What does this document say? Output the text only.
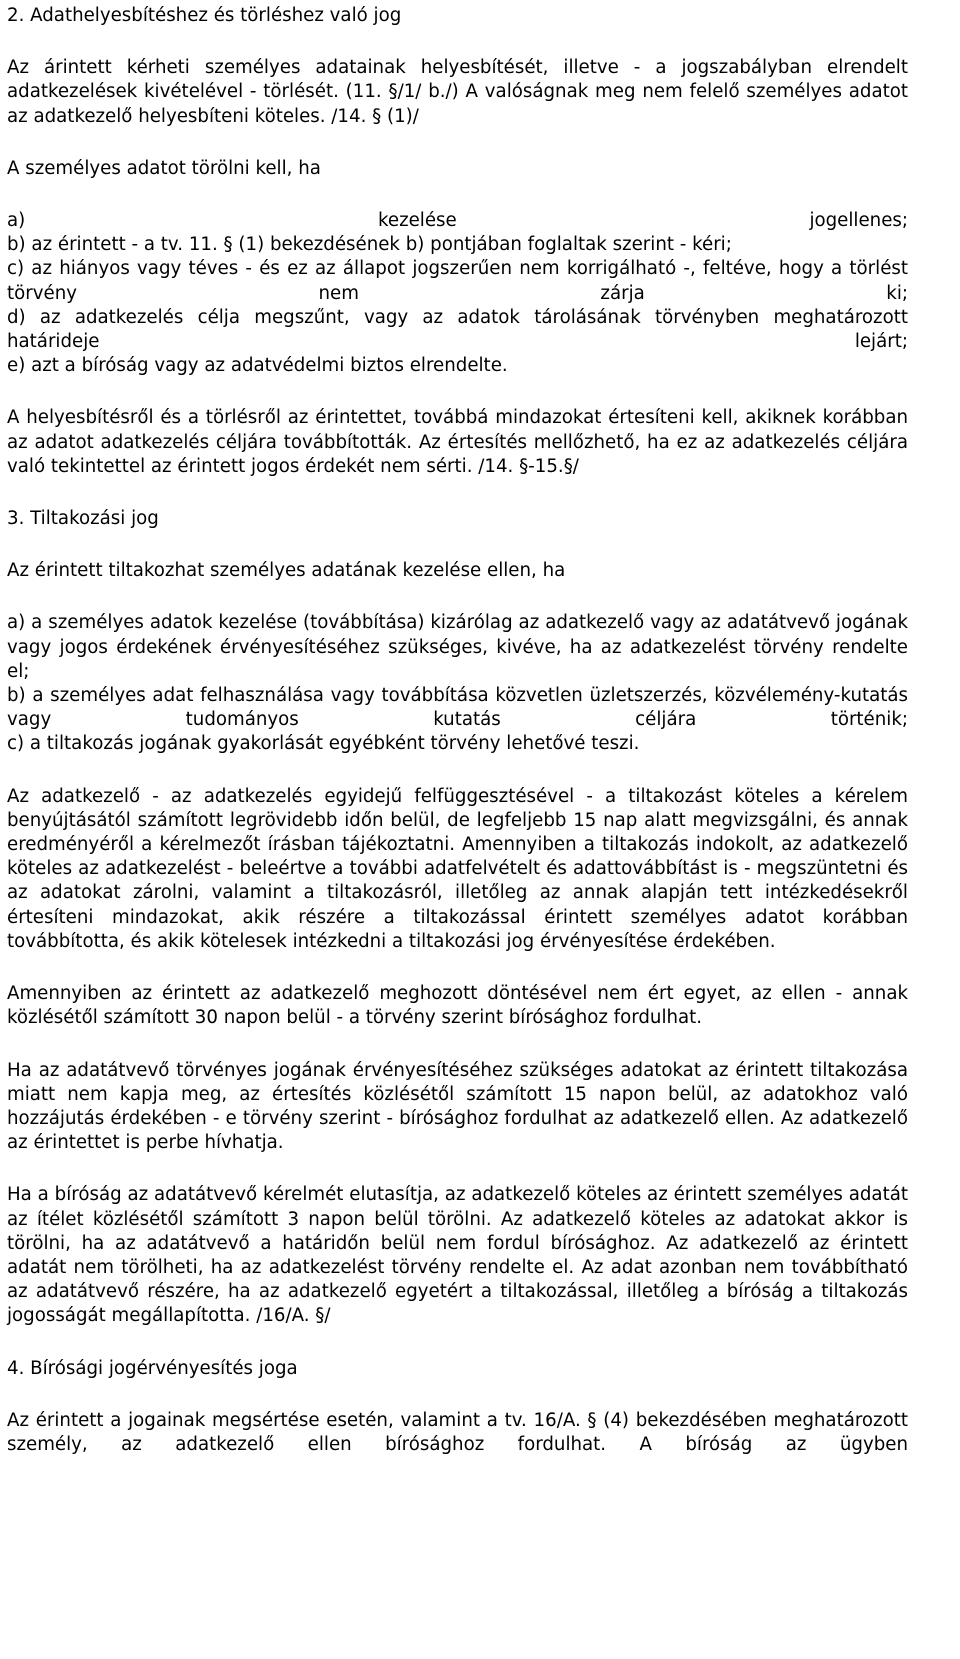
2. Adathelyesbítéshez és törléshez való jog
Az árintett kérheti személyes adatainak helyesbítését, illetve - a jogszabályban elrendelt adatkezelések kivételével - törlését. (11. §/1/ b./) A valóságnak meg nem felelő személyes adatot az adatkezelő helyesbíteni köteles. /14. § (1)/
A személyes adatot törölni kell, ha
a) kezelése jogellenes;
b) az érintett - a tv. 11. § (1) bekezdésének b) pontjában foglaltak szerint - kéri;
c) az hiányos vagy téves - és ez az állapot jogszerűen nem korrigálható -, feltéve, hogy a törlést törvény nem zárja ki;
d) az adatkezelés célja megszűnt, vagy az adatok tárolásának törvényben meghatározott határideje lejárt;
e) azt a bíróság vagy az adatvédelmi biztos elrendelte.
A helyesbítésről és a törlésről az érintettet, továbbá mindazokat értesíteni kell, akiknek korábban az adatot adatkezelés céljára továbbították. Az értesítés mellőzhető, ha ez az adatkezelés céljára való tekintettel az érintett jogos érdekét nem sérti. /14. §-15.§/
3. Tiltakozási jog
Az érintett tiltakozhat személyes adatának kezelése ellen, ha
a) a személyes adatok kezelése (továbbítása) kizárólag az adatkezelő vagy az adatátvevő jogának vagy jogos érdekének érvényesítéséhez szükséges, kivéve, ha az adatkezelést törvény rendelte el;
b) a személyes adat felhasználása vagy továbbítása közvetlen üzletszerzés, közvélemény-kutatás vagy tudományos kutatás céljára történik;
c) a tiltakozás jogának gyakorlását egyébként törvény lehetővé teszi.
Az adatkezelő - az adatkezelés egyidejű felfüggesztésével - a tiltakozást köteles a kérelem benyújtásától számított legrövidebb időn belül, de legfeljebb 15 nap alatt megvizsgálni, és annak eredményéről a kérelmezőt írásban tájékoztatni. Amennyiben a tiltakozás indokolt, az adatkezelő köteles az adatkezelést - beleértve a további adatfelvételt és adattovábbítást is - megszüntetni és az adatokat zárolni, valamint a tiltakozásról, illetőleg az annak alapján tett intézkedésekről értesíteni mindazokat, akik részére a tiltakozással érintett személyes adatot korábban továbbította, és akik kötelesek intézkedni a tiltakozási jog érvényesítése érdekében.
Amennyiben az érintett az adatkezelő meghozott döntésével nem ért egyet, az ellen - annak közlésétől számított 30 napon belül - a törvény szerint bírósághoz fordulhat.
Ha az adatátvevő törvényes jogának érvényesítéséhez szükséges adatokat az érintett tiltakozása miatt nem kapja meg, az értesítés közlésétől számított 15 napon belül, az adatokhoz való hozzájutás érdekében - e törvény szerint - bírósághoz fordulhat az adatkezelő ellen. Az adatkezelő az érintettet is perbe hívhatja.
Ha a bíróság az adatátvevő kérelmét elutasítja, az adatkezelő köteles az érintett személyes adatát az ítélet közlésétől számított 3 napon belül törölni. Az adatkezelő köteles az adatokat akkor is törölni, ha az adatátvevő a határidőn belül nem fordul bírósághoz. Az adatkezelő az érintett adatát nem törölheti, ha az adatkezelést törvény rendelte el. Az adat azonban nem továbbítható az adatátvevő részére, ha az adatkezelő egyetért a tiltakozással, illetőleg a bíróság a tiltakozás jogosságát megállapította. /16/A. §/
4. Bírósági jogérvényesítés joga
Az érintett a jogainak megsértése esetén, valamint a tv. 16/A. § (4) bekezdésében meghatározott személy, az adatkezelő ellen bírósághoz fordulhat. A bíróság az ügyben
